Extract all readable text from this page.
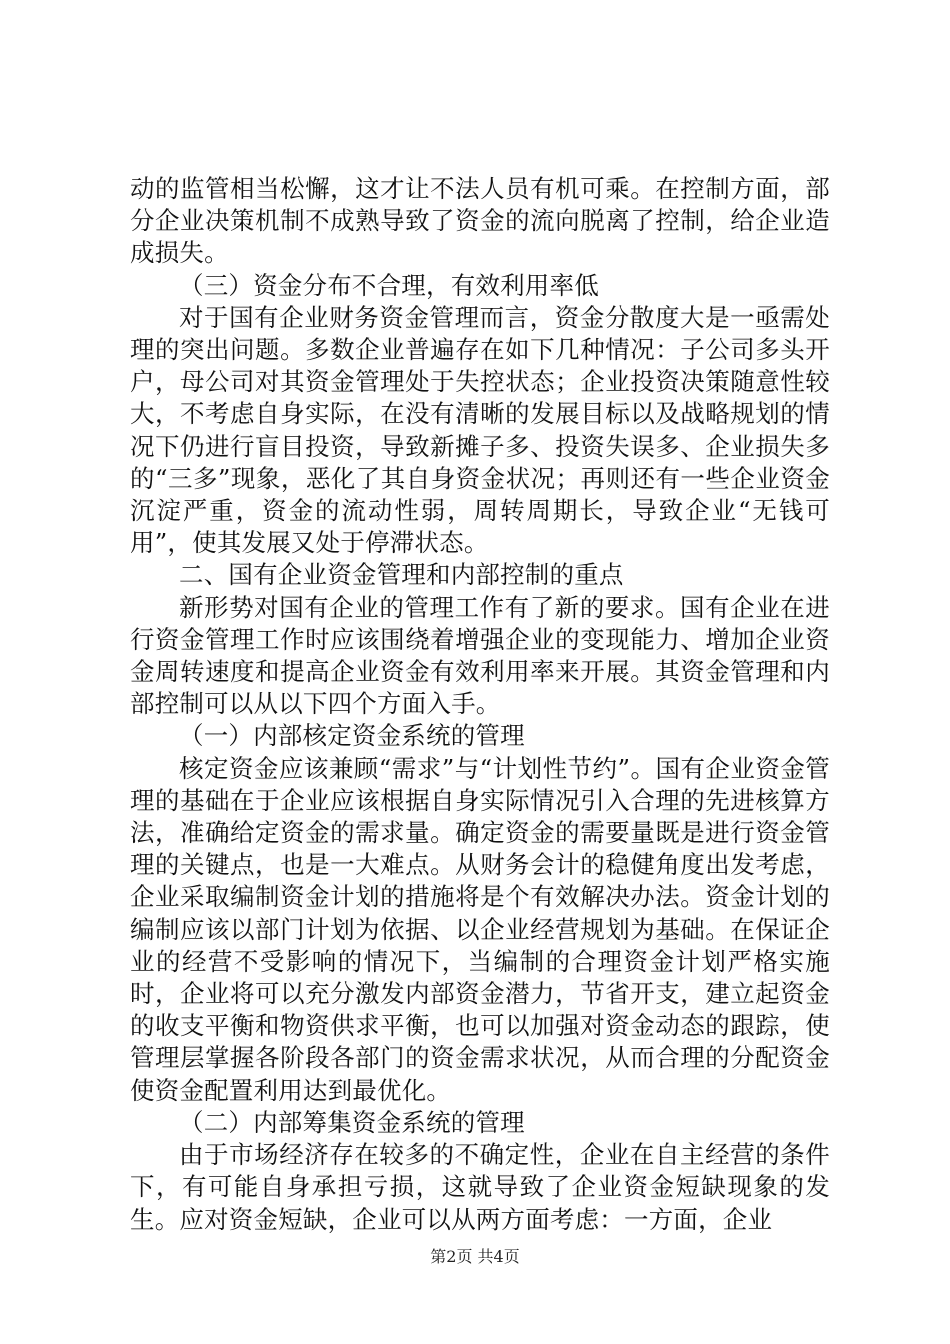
动的监管相当松懈，这才让不法人员有机可乘。在控制方面，部分企业决策机制不成熟导致了资金的流向脱离了控制，给企业造成损失。

（三）资金分布不合理，有效利用率低

对于国有企业财务资金管理而言，资金分散度大是一亟需处理的突出问题。多数企业普遍存在如下几种情况：子公司多头开户，母公司对其资金管理处于失控状态；企业投资决策随意性较大，不考虑自身实际，在没有清晰的发展目标以及战略规划的情况下仍进行盲目投资，导致新摊子多、投资失误多、企业损失多的“三多”现象，恶化了其自身资金状况；再则还有一些企业资金沉淀严重，资金的流动性弱，周转周期长，导致企业“无钱可用”，使其发展又处于停滞状态。

二、国有企业资金管理和内部控制的重点

新形势对国有企业的管理工作有了新的要求。国有企业在进行资金管理工作时应该围绕着增强企业的变现能力、增加企业资金周转速度和提高企业资金有效利用率来开展。其资金管理和内部控制可以从以下四个方面入手。

（一）内部核定资金系统的管理

核定资金应该兼顾“需求”与“计划性节约”。国有企业资金管理的基础在于企业应该根据自身实际情况引入合理的先进核算方法，准确给定资金的需求量。确定资金的需要量既是进行资金管理的关键点，也是一大难点。从财务会计的稳健角度出发考虑，企业采取编制资金计划的措施将是个有效解决办法。资金计划的编制应该以部门计划为依据、以企业经营规划为基础。在保证企业的经营不受影响的情况下，当编制的合理资金计划严格实施时，企业将可以充分激发内部资金潜力，节省开支，建立起资金的收支平衡和物资供求平衡，也可以加强对资金动态的跟踪，使管理层掌握各阶段各部门的资金需求状况，从而合理的分配资金使资金配置利用达到最优化。

（二）内部筹集资金系统的管理

由于市场经济存在较多的不确定性，企业在自主经营的条件下，有可能自身承担亏损，这就导致了企业资金短缺现象的发生。应对资金短缺，企业可以从两方面考虑：一方面，企业

第2页 共4页
